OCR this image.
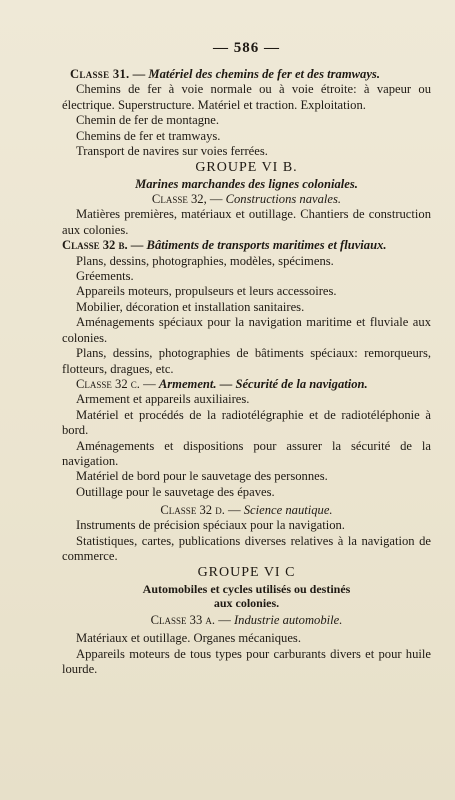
— 586 —

Classe 31. — Matériel des chemins de fer et des tramways.

Chemins de fer à voie normale ou à voie étroite: à vapeur ou électrique. Superstructure. Matériel et traction. Exploitation.

Chemin de fer de montagne.

Chemins de fer et tramways.

Transport de navires sur voies ferrées.

GROUPE VI B.
Marines marchandes des lignes coloniales.
Classe 32, — Constructions navales.

Matières premières, matériaux et outillage. Chantiers de construction aux colonies.

Classe 32 b. — Bâtiments de transports maritimes et fluviaux.

Plans, dessins, photographies, modèles, spécimens.

Gréements.

Appareils moteurs, propulseurs et leurs accessoires.

Mobilier, décoration et installation sanitaires.

Aménagements spéciaux pour la navigation maritime et fluviale aux colonies.

Plans, dessins, photographies de bâtiments spéciaux: remorqueurs, flotteurs, dragues, etc.

Classe 32 c. — Armement. — Sécurité de la navigation.

Armement et appareils auxiliaires.

Matériel et procédés de la radiotélégraphie et de radiotéléphonie à bord.

Aménagements et dispositions pour assurer la sécurité de la navigation.

Matériel de bord pour le sauvetage des personnes.

Outillage pour le sauvetage des épaves.

Classe 32 d. — Science nautique.

Instruments de précision spéciaux pour la navigation.

Statistiques, cartes, publications diverses relatives à la navigation de commerce.

GROUPE VI C
Automobiles et cycles utilisés ou destinés
aux colonies.
Classe 33 a. — Industrie automobile.

Matériaux et outillage. Organes mécaniques.

Appareils moteurs de tous types pour carburants divers et pour huile lourde.
